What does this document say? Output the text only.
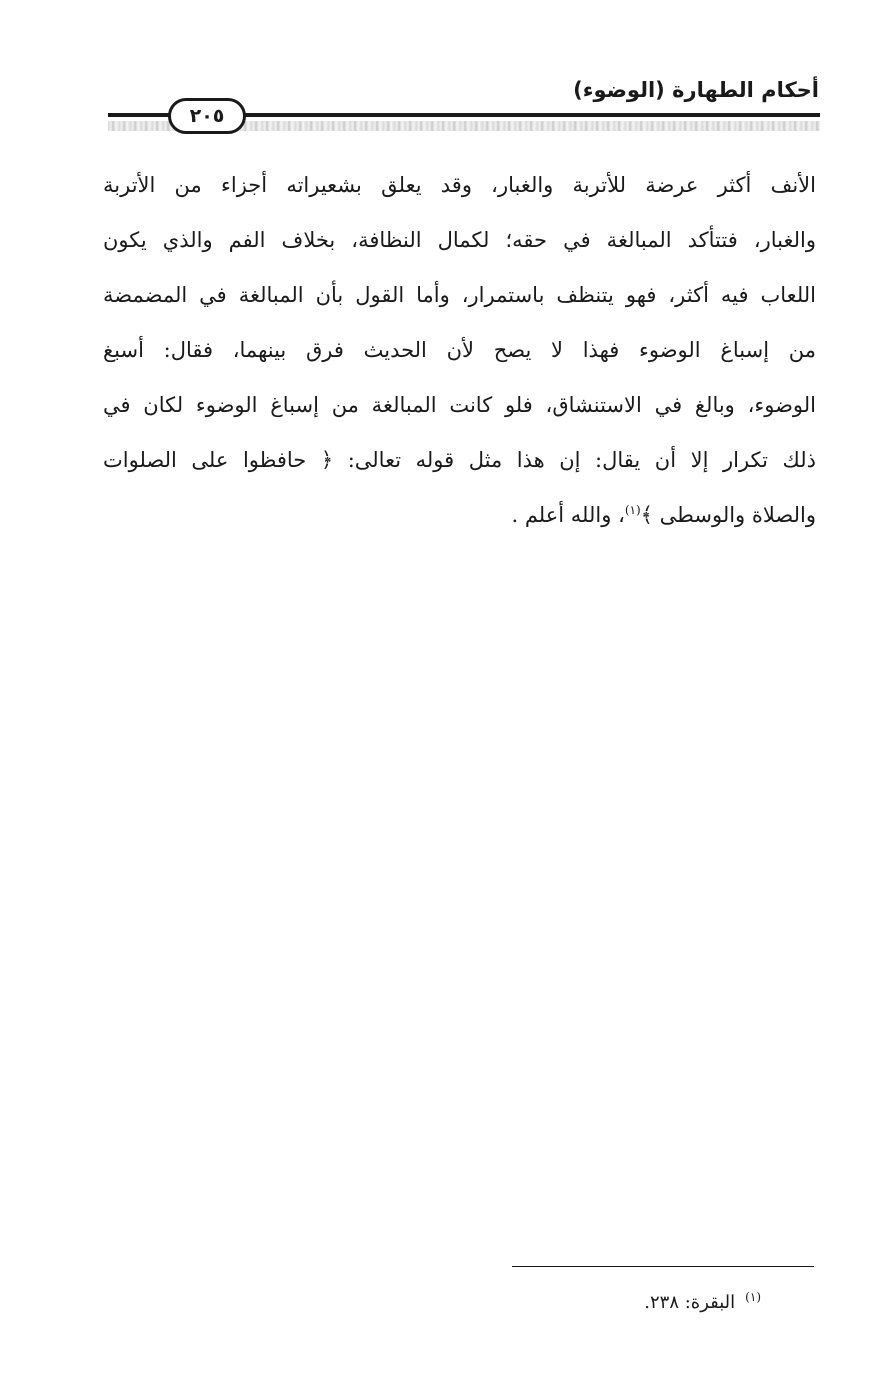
أحكام الطهارة (الوضوء)
٢٠٥
الأنف أكثر عرضة للأتربة والغبار، وقد يعلق بشعيراته أجزاء من الأتربة
والغبار، فتتأكد المبالغة في حقه؛ لكمال النظافة، بخلاف الفم والذي يكون
اللعاب فيه أكثر، فهو يتنظف باستمرار، وأما القول بأن المبالغة في المضمضة
من إسباغ الوضوء فهذا لا يصح لأن الحديث فرق بينهما، فقال: أسبغ
الوضوء، وبالغ في الاستنشاق، فلو كانت المبالغة من إسباغ الوضوء لكان في
ذلك تكرار إلا أن يقال: إن هذا مثل قوله تعالى: ﴿ حافظوا على الصلوات
والصلاة والوسطى ﴾$^{(١)}$، والله أعلم .
$^{(١)}$البقرة: ٢٣٨.
